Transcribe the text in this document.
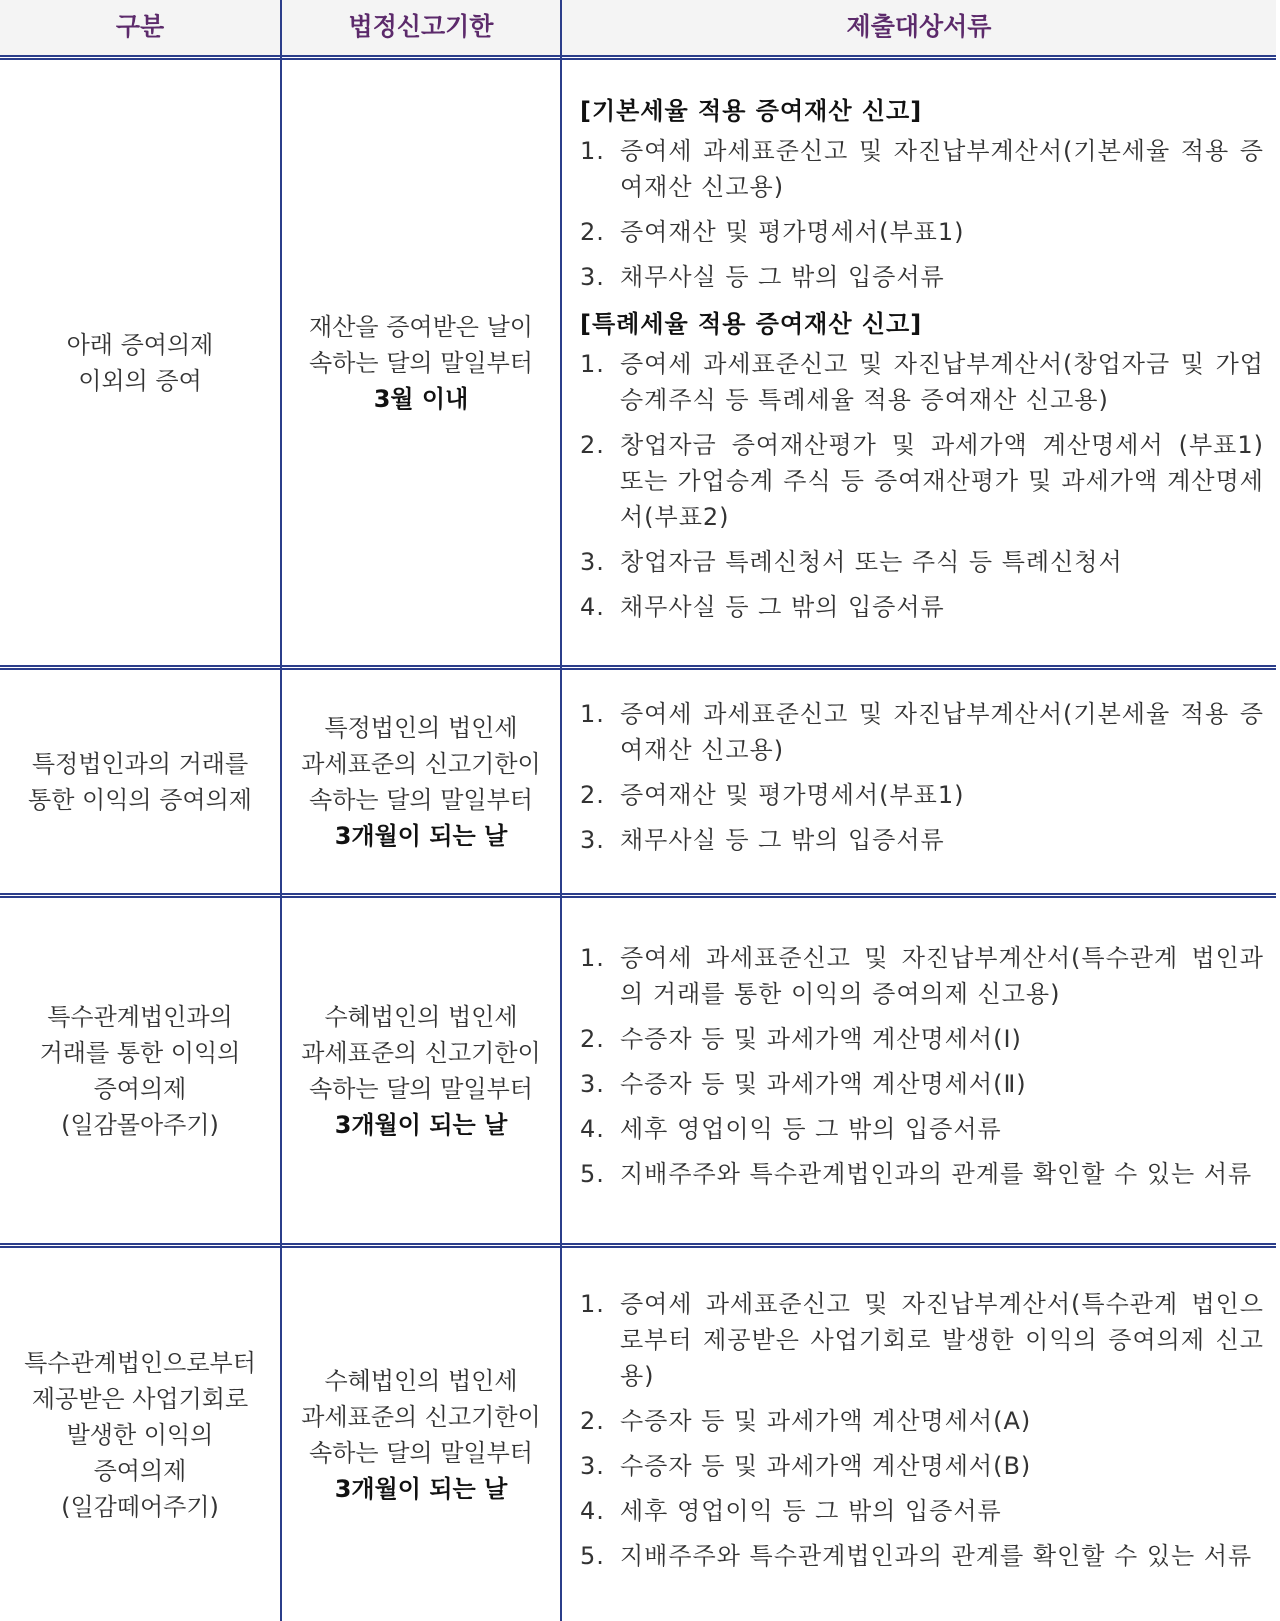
구분	법정신고기한	제출대상서류
아래 증여의제
이외의 증여
재산을 증여받은 날이
속하는 달의 말일부터
3월 이내
[기본세율 적용 증여재산 신고]
1. 증여세 과세표준신고 및 자진납부계산서(기본세율 적용 증여재산 신고용)
2. 증여재산 및 평가명세서(부표1)
3. 채무사실 등 그 밖의 입증서류
[특례세율 적용 증여재산 신고]
1. 증여세 과세표준신고 및 자진납부계산서(창업자금 및 가업승계주식 등 특례세율 적용 증여재산 신고용)
2. 창업자금 증여재산평가 및 과세가액 계산명세서 (부표1) 또는 가업승계 주식 등 증여재산평가 및 과세가액 계산명세서(부표2)
3. 창업자금 특례신청서 또는 주식 등 특례신청서
4. 채무사실 등 그 밖의 입증서류
특정법인과의 거래를
통한 이익의 증여의제
특정법인의 법인세
과세표준의 신고기한이
속하는 달의 말일부터
3개월이 되는 날
1. 증여세 과세표준신고 및 자진납부계산서(기본세율 적용 증여재산 신고용)
2. 증여재산 및 평가명세서(부표1)
3. 채무사실 등 그 밖의 입증서류
특수관계법인과의
거래를 통한 이익의
증여의제
(일감몰아주기)
수혜법인의 법인세
과세표준의 신고기한이
속하는 달의 말일부터
3개월이 되는 날
1. 증여세 과세표준신고 및 자진납부계산서(특수관계 법인과의 거래를 통한 이익의 증여의제 신고용)
2. 수증자 등 및 과세가액 계산명세서(Ⅰ)
3. 수증자 등 및 과세가액 계산명세서(Ⅱ)
4. 세후 영업이익 등 그 밖의 입증서류
5. 지배주주와 특수관계법인과의 관계를 확인할 수 있는 서류
특수관계법인으로부터
제공받은 사업기회로
발생한 이익의
증여의제
(일감떼어주기)
수혜법인의 법인세
과세표준의 신고기한이
속하는 달의 말일부터
3개월이 되는 날
1. 증여세 과세표준신고 및 자진납부계산서(특수관계 법인으로부터 제공받은 사업기회로 발생한 이익의 증여의제 신고용)
2. 수증자 등 및 과세가액 계산명세서(A)
3. 수증자 등 및 과세가액 계산명세서(B)
4. 세후 영업이익 등 그 밖의 입증서류
5. 지배주주와 특수관계법인과의 관계를 확인할 수 있는 서류
